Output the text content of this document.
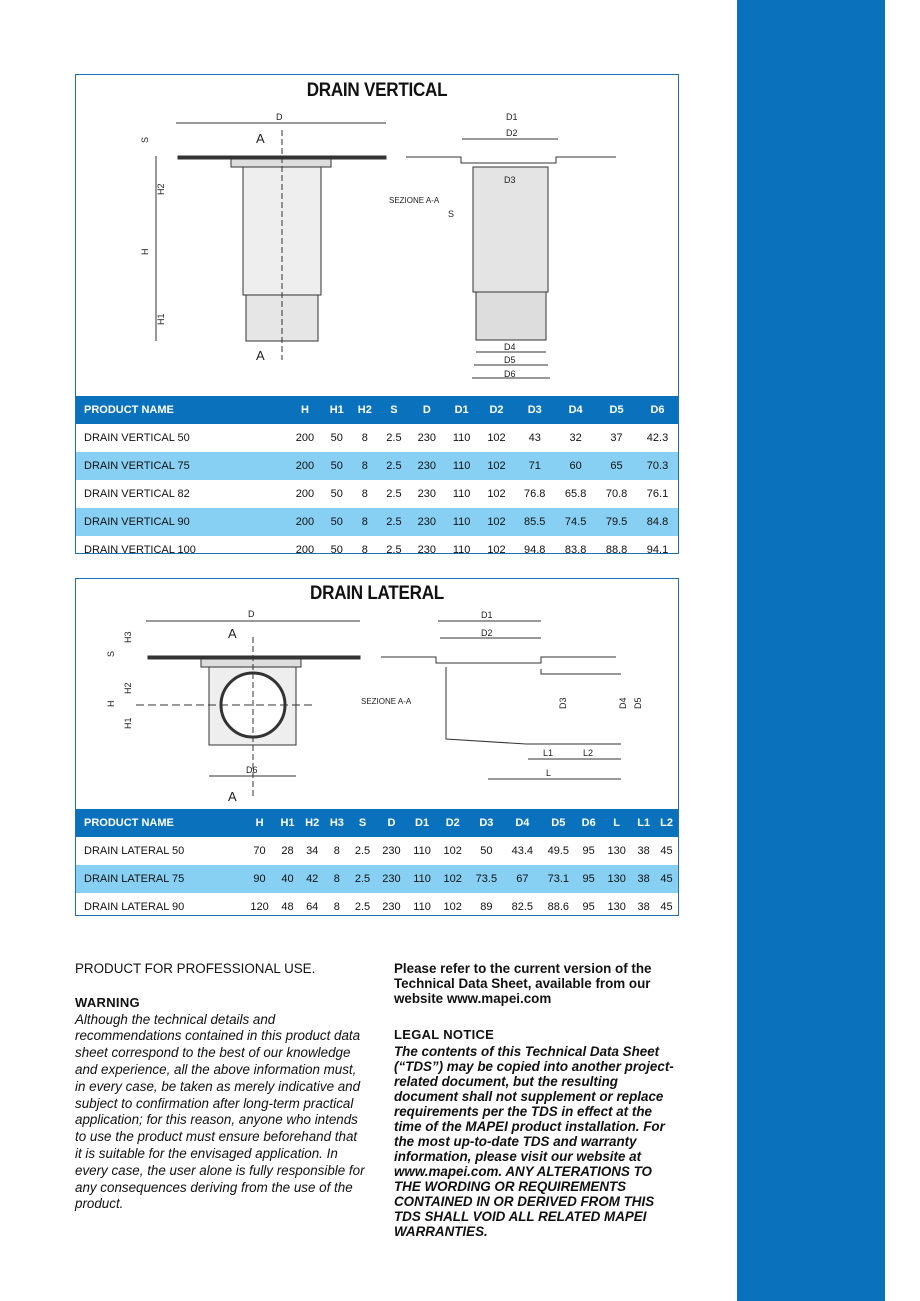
DRAIN VERTICAL
D
A
A
S
H2
H
H1
D1
D2
D3
SEZIONE A-A
S
D4
D5
D6
PRODUCT NAME	H	H1	H2	S	D	D1	D2	D3	D4	D5	D6
DRAIN VERTICAL 50	200	50	8	2.5	230	110	102	43	32	37	42.3
DRAIN VERTICAL 75	200	50	8	2.5	230	110	102	71	60	65	70.3
DRAIN VERTICAL 82	200	50	8	2.5	230	110	102	76.8	65.8	70.8	76.1
DRAIN VERTICAL 90	200	50	8	2.5	230	110	102	85.5	74.5	79.5	84.8
DRAIN VERTICAL 100	200	50	8	2.5	230	110	102	94.8	83.8	88.8	94.1
DRAIN LATERAL
D
A
A
D6
S
H3
H2
H
H1
D1
D2
SEZIONE A-A	D3	D4 D5
L1	L2
L
PRODUCT NAME	H	H1	H2	H3	S	D	D1	D2	D3	D4	D5	D6	L	L1	L2
DRAIN LATERAL 50	70	28	34	8	2.5	230	110	102	50	43.4	49.5	95	130	38	45
DRAIN LATERAL 75	90	40	42	8	2.5	230	110	102	73.5	67	73.1	95	130	38	45
DRAIN LATERAL 90	120	48	64	8	2.5	230	110	102	89	82.5	88.6	95	130	38	45
PRODUCT FOR PROFESSIONAL USE.
WARNING
Although the technical details and recommendations contained in this product data sheet correspond to the best of our knowledge and experience, all the above information must, in every case, be taken as merely indicative and subject to confirmation after long-term practical application; for this reason, anyone who intends to use the product must ensure beforehand that it is suitable for the envisaged application. In every case, the user alone is fully responsible for any consequences deriving from the use of the product.
Please refer to the current version of the Technical Data Sheet, available from our website www.mapei.com
LEGAL NOTICE
The contents of this Technical Data Sheet (“TDS”) may be copied into another project-related document, but the resulting document shall not supplement or replace requirements per the TDS in effect at the time of the MAPEI product installation. For the most up-to-date TDS and warranty information, please visit our website at www.mapei.com. ANY ALTERATIONS TO THE WORDING OR REQUIREMENTS CONTAINED IN OR DERIVED FROM THIS TDS SHALL VOID ALL RELATED MAPEI WARRANTIES.
